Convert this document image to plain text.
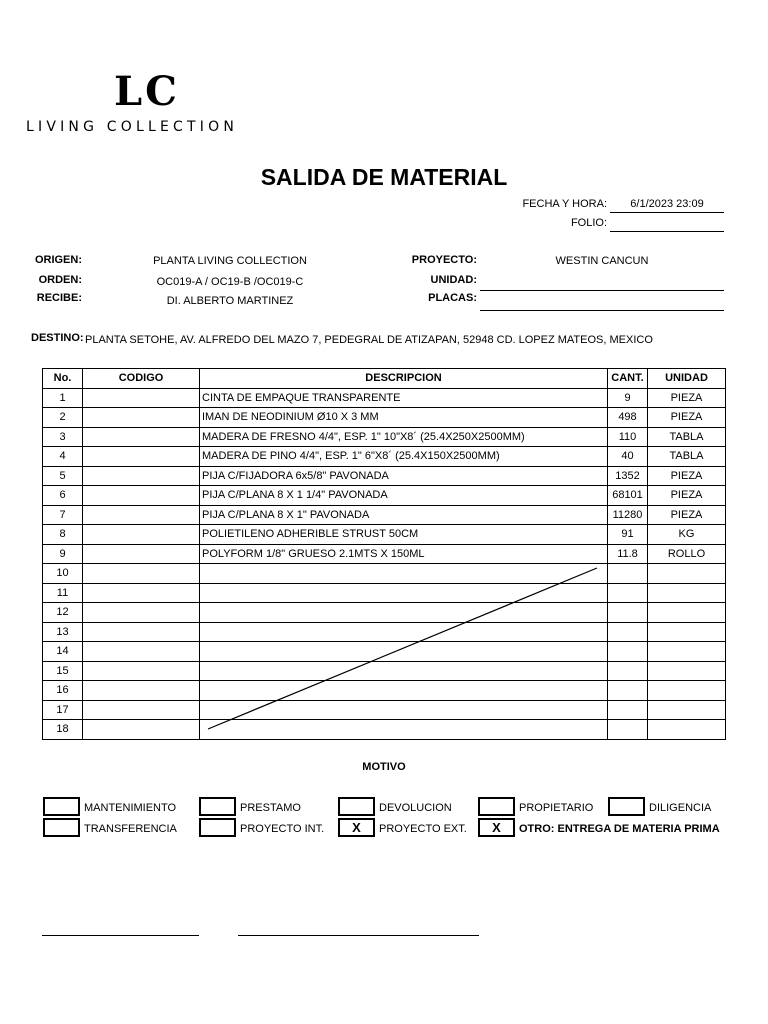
LC
LIVING COLLECTION
SALIDA DE MATERIAL
FECHA Y HORA:	6/1/2023 23:09
FOLIO:
ORIGEN:	PLANTA LIVING COLLECTION
ORDEN:	OC019-A / OC19-B /OC019-C
RECIBE:	DI. ALBERTO MARTINEZ
PROYECTO:	WESTIN CANCUN
UNIDAD:
PLACAS:
DESTINO: PLANTA SETOHE, AV. ALFREDO DEL MAZO 7, PEDEGRAL DE ATIZAPAN, 52948 CD. LOPEZ MATEOS, MEXICO
No.	CODIGO	DESCRIPCION	CANT.	UNIDAD
1		CINTA DE EMPAQUE TRANSPARENTE	9	PIEZA
2		IMAN DE NEODINIUM Ø10 X 3 MM	498	PIEZA
3		MADERA DE FRESNO 4/4", ESP. 1" 10"X8´ (25.4X250X2500MM)	110	TABLA
4		MADERA DE PINO 4/4", ESP. 1" 6"X8´ (25.4X150X2500MM)	40	TABLA
5		PIJA C/FIJADORA 6x5/8" PAVONADA	1352	PIEZA
6		PIJA C/PLANA 8 X 1 1/4" PAVONADA	68101	PIEZA
7		PIJA C/PLANA 8 X 1" PAVONADA	11280	PIEZA
8		POLIETILENO ADHERIBLE STRUST 50CM	91	KG
9		POLYFORM 1/8" GRUESO 2.1MTS X 150ML	11.8	ROLLO
10				
11				
12				
13				
14				
15				
16				
17				
18				
MOTIVO
MANTENIMIENTO	PRESTAMO	DEVOLUCION	PROPIETARIO	DILIGENCIA
TRANSFERENCIA	PROYECTO INT.	X	PROYECTO EXT.	X	OTRO: ENTREGA DE MATERIA PRIMA
